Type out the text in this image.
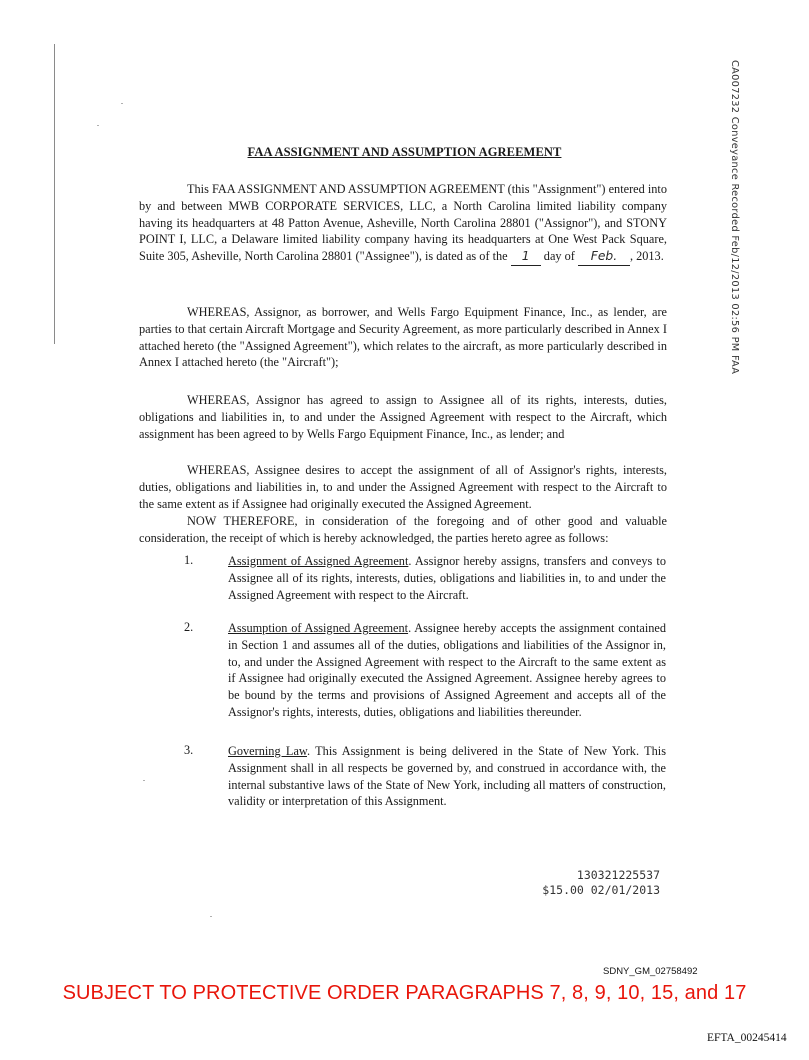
CA007232 Conveyance Recorded Feb/12/2013 02:56 PM FAA
FAA ASSIGNMENT AND ASSUMPTION AGREEMENT

This FAA ASSIGNMENT AND ASSUMPTION AGREEMENT (this "Assignment") entered into by and between MWB CORPORATE SERVICES, LLC, a North Carolina limited liability company having its headquarters at 48 Patton Avenue, Asheville, North Carolina 28801 ("Assignor"), and STONY POINT I, LLC, a Delaware limited liability company having its headquarters at One West Pack Square, Suite 305, Asheville, North Carolina 28801 ("Assignee"), is dated as of the 1 day of Feb. , 2013.

WHEREAS, Assignor, as borrower, and Wells Fargo Equipment Finance, Inc., as lender, are parties to that certain Aircraft Mortgage and Security Agreement, as more particularly described in Annex I attached hereto (the "Assigned Agreement"), which relates to the aircraft, as more particularly described in Annex I attached hereto (the "Aircraft");

WHEREAS, Assignor has agreed to assign to Assignee all of its rights, interests, duties, obligations and liabilities in, to and under the Assigned Agreement with respect to the Aircraft, which assignment has been agreed to by Wells Fargo Equipment Finance, Inc., as lender; and

WHEREAS, Assignee desires to accept the assignment of all of Assignor's rights, interests, duties, obligations and liabilities in, to and under the Assigned Agreement with respect to the Aircraft to the same extent as if Assignee had originally executed the Assigned Agreement.

NOW THEREFORE, in consideration of the foregoing and of other good and valuable consideration, the receipt of which is hereby acknowledged, the parties hereto agree as follows:

1.	Assignment of Assigned Agreement. Assignor hereby assigns, transfers and conveys to Assignee all of its rights, interests, duties, obligations and liabilities in, to and under the Assigned Agreement with respect to the Aircraft.

2.	Assumption of Assigned Agreement. Assignee hereby accepts the assignment contained in Section 1 and assumes all of the duties, obligations and liabilities of the Assignor in, to, and under the Assigned Agreement with respect to the Aircraft to the same extent as if Assignee had originally executed the Assigned Agreement. Assignee hereby agrees to be bound by the terms and provisions of Assigned Agreement and accepts all of the Assignor's rights, interests, duties, obligations and liabilities thereunder.

3.	Governing Law. This Assignment is being delivered in the State of New York. This Assignment shall in all respects be governed by, and construed in accordance with, the internal substantive laws of the State of New York, including all matters of construction, validity or interpretation of this Assignment.

130321225537
$15.00 02/01/2013
SDNY_GM_02758492
SUBJECT TO PROTECTIVE ORDER PARAGRAPHS 7, 8, 9, 10, 15, and 17
EFTA_00245414
